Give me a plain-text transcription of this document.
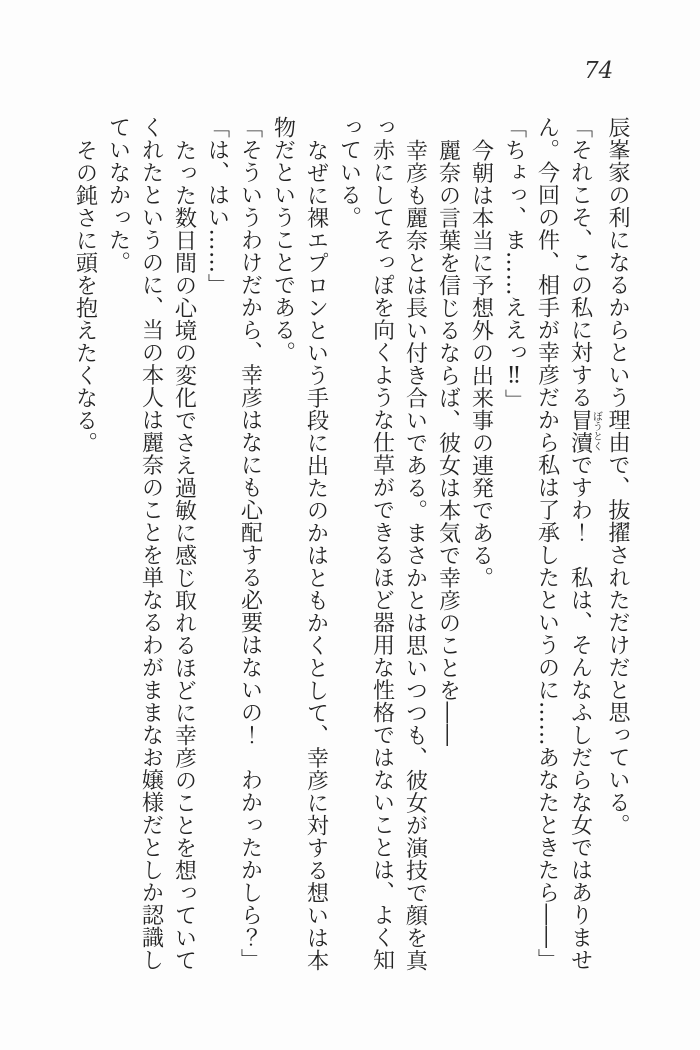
74

辰峯家の利になるからという理由で、抜擢されただけだと思っている。

「それこそ、この私に対する冒瀆ぼうとくですわ！　私は、そんなふしだらな女ではありません。今回の件、相手が幸彦だから私は了承したというのに……あなたときたら――」

「ちょっ、ま……ええっ‼」

今朝は本当に予想外の出来事の連発である。

麗奈の言葉を信じるならば、彼女は本気で幸彦のことを――

幸彦も麗奈とは長い付き合いである。まさかとは思いつつも、彼女が演技で顔を真っ赤にしてそっぽを向くような仕草ができるほど器用な性格ではないことは、よく知っている。

なぜに裸エプロンという手段に出たのかはともかくとして、幸彦に対する想いは本物だということである。

「そういうわけだから、幸彦はなにも心配する必要はないの！　わかったかしら？」

「は、はい……」

たった数日間の心境の変化でさえ過敏に感じ取れるほどに幸彦のことを想っていてくれたというのに、当の本人は麗奈のことを単なるわがままなお嬢様だとしか認識していなかった。

その鈍さに頭を抱えたくなる。
